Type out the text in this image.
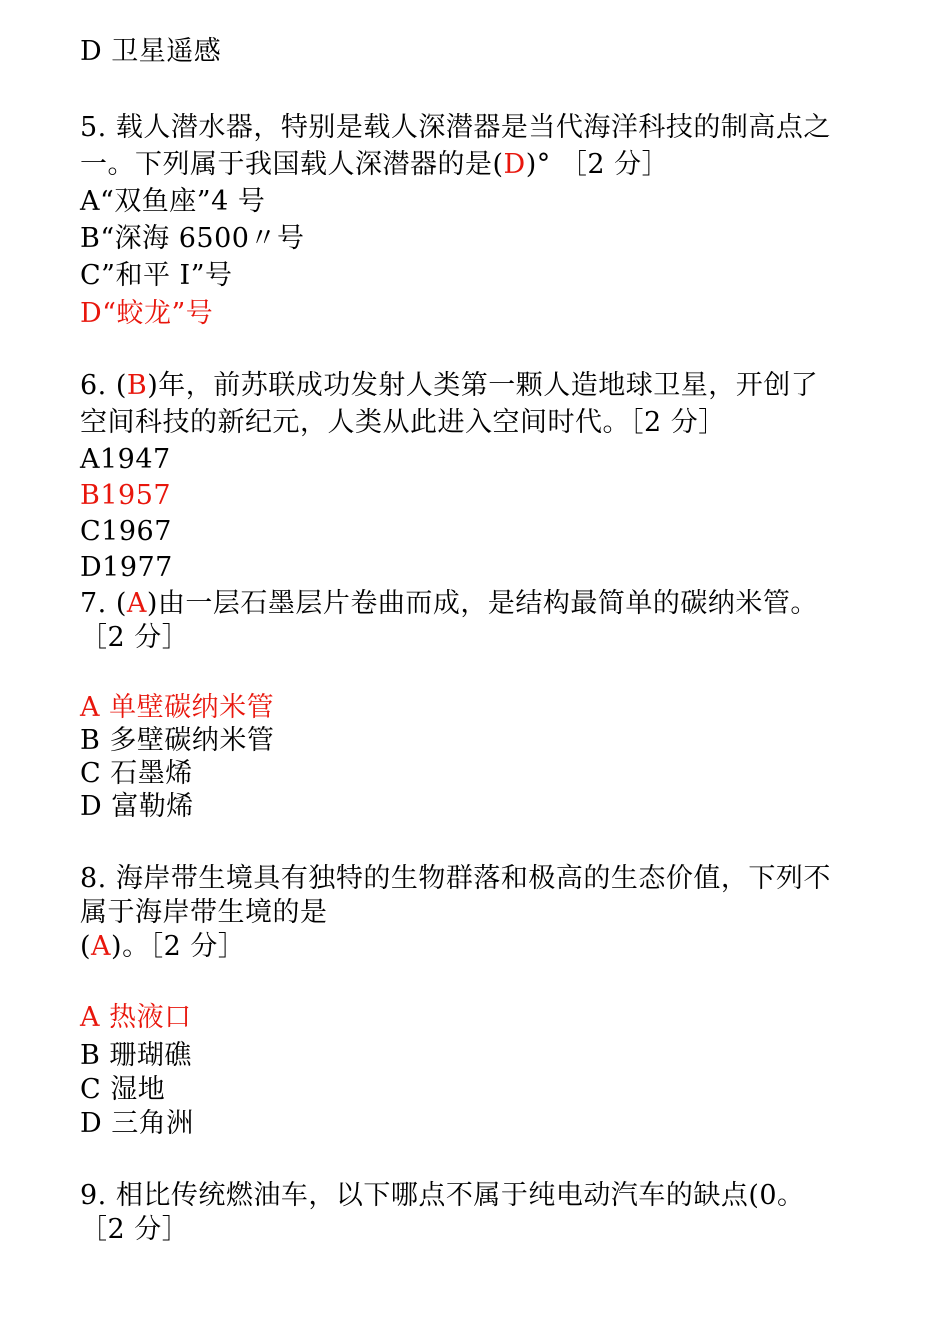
D 卫星遥感
5. 载人潜水器，特别是载人深潜器是当代海洋科技的制高点之
一。下列属于我国载人深潜器的是(D)° ［2 分］
A“双鱼座”4 号
B“深海 6500〃号
C”和平 I”号
D“蛟龙”号
6. (B)年，前苏联成功发射人类第一颗人造地球卫星，开创了
空间科技的新纪元，人类从此进入空间时代。［2 分］
A1947
B1957
C1967
D1977
7. (A)由一层石墨层片卷曲而成，是结构最简单的碳纳米管。
［2 分］
A 单壁碳纳米管
B 多壁碳纳米管
C 石墨烯
D 富勒烯
8. 海岸带生境具有独特的生物群落和极高的生态价值，下列不
属于海岸带生境的是
(A)。［2 分］
A 热液口
B 珊瑚礁
C 湿地
D 三角洲
9. 相比传统燃油车，以下哪点不属于纯电动汽车的缺点(0。
［2 分］
